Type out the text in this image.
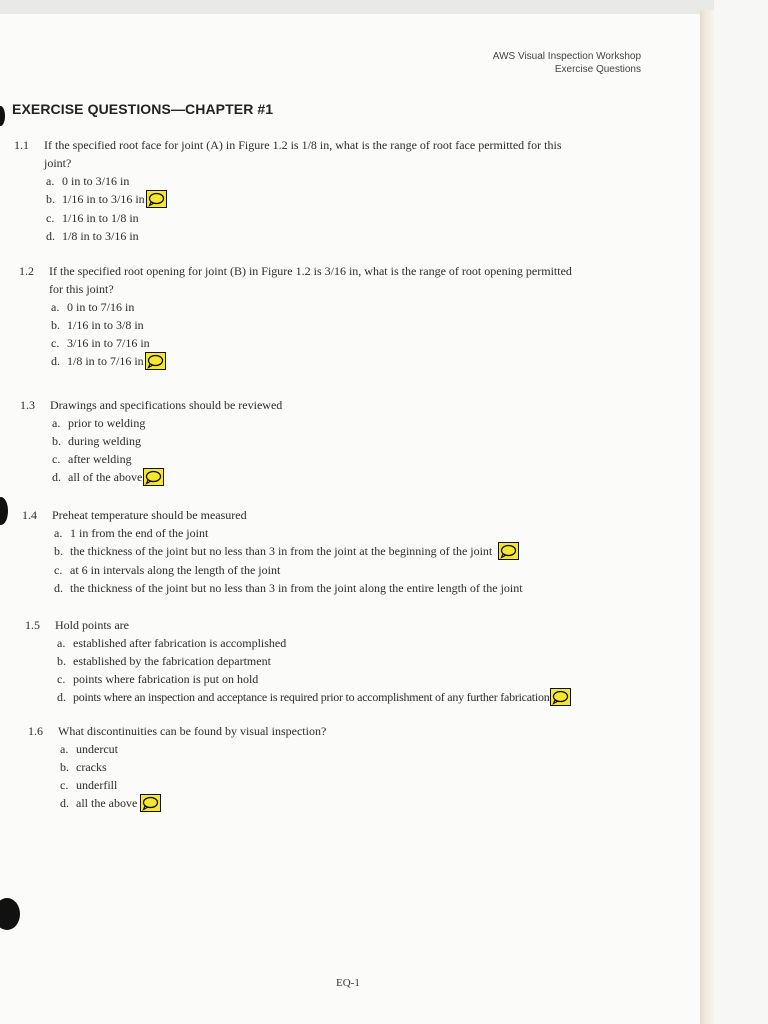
AWS Visual Inspection Workshop
Exercise Questions
EXERCISE QUESTIONS—CHAPTER #1
1.1 If the specified root face for joint (A) in Figure 1.2 is 1/8 in, what is the range of root face permitted for this
joint?
a. 0 in to 3/16 in
b. 1/16 in to 3/16 in
c. 1/16 in to 1/8 in
d. 1/8 in to 3/16 in
1.2 If the specified root opening for joint (B) in Figure 1.2 is 3/16 in, what is the range of root opening permitted
for this joint?
a. 0 in to 7/16 in
b. 1/16 in to 3/8 in
c. 3/16 in to 7/16 in
d. 1/8 in to 7/16 in
1.3 Drawings and specifications should be reviewed
a. prior to welding
b. during welding
c. after welding
d. all of the above
1.4 Preheat temperature should be measured
a. 1 in from the end of the joint
b. the thickness of the joint but no less than 3 in from the joint at the beginning of the joint
c. at 6 in intervals along the length of the joint
d. the thickness of the joint but no less than 3 in from the joint along the entire length of the joint
1.5 Hold points are
a. established after fabrication is accomplished
b. established by the fabrication department
c. points where fabrication is put on hold
d. points where an inspection and acceptance is required prior to accomplishment of any further fabrication
1.6 What discontinuities can be found by visual inspection?
a. undercut
b. cracks
c. underfill
d. all the above
EQ-1
